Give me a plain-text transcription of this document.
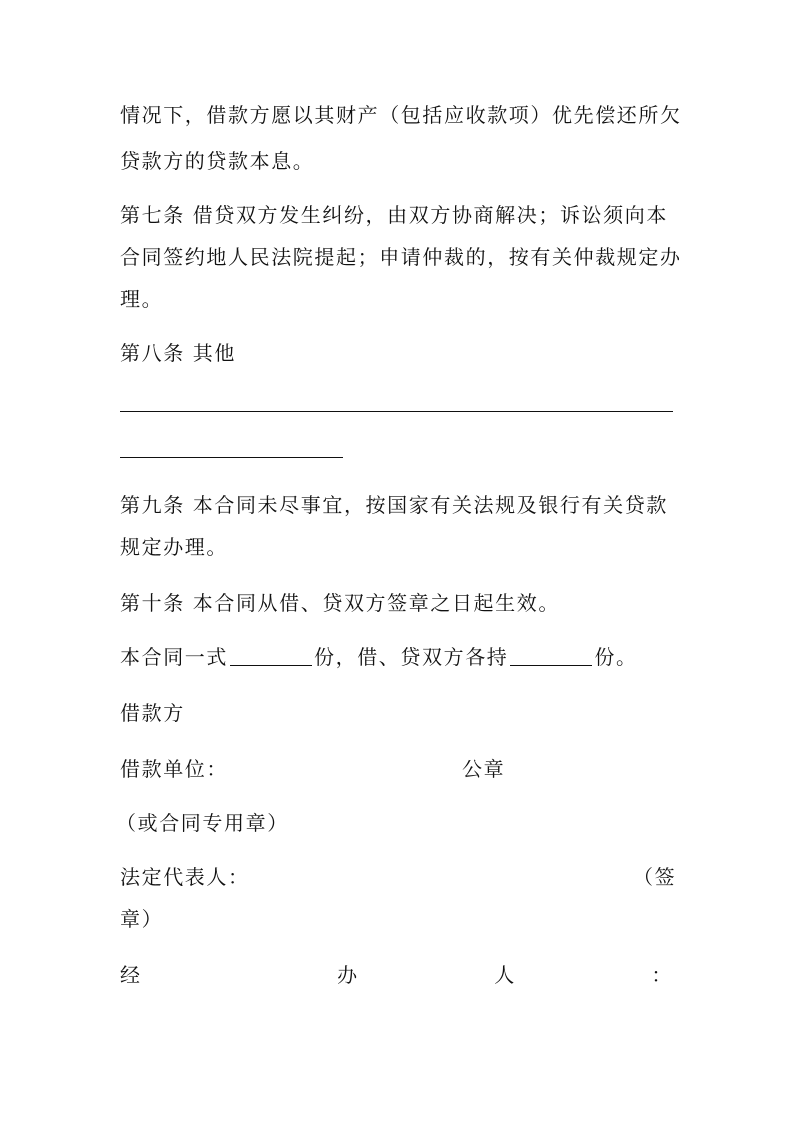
情况下，借款方愿以其财产（包括应收款项）优先偿还所欠

贷款方的贷款本息。

第七条 借贷双方发生纠纷，由双方协商解决；诉讼须向本

合同签约地人民法院提起；申请仲裁的，按有关仲裁规定办

理。

第八条 其他

第九条 本合同未尽事宜，按国家有关法规及银行有关贷款

规定办理。

第十条 本合同从借、贷双方签章之日起生效。

本合同一式	份，借、贷双方各持	份。

借款方

借款单位：	公章

（或合同专用章）

法定代表人：	（签

章）

经	办	人	：
